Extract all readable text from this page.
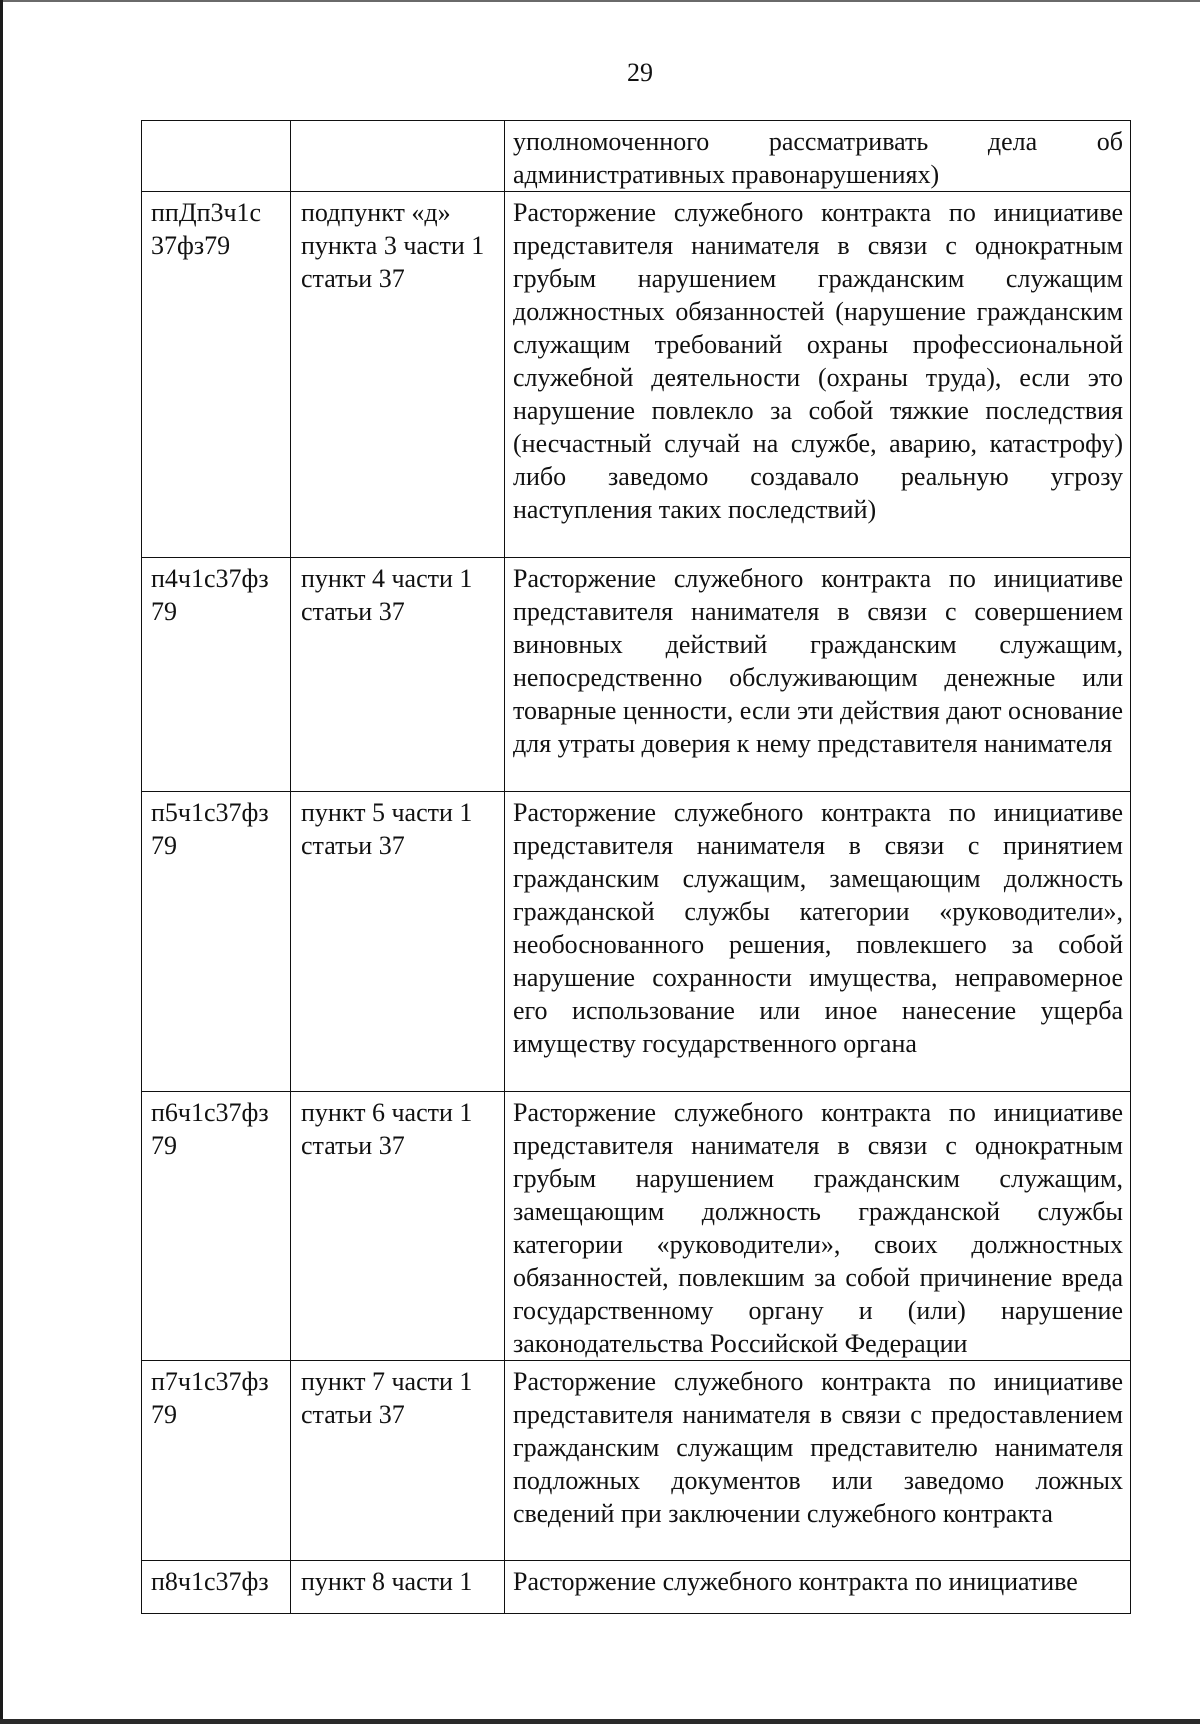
29
		уполномоченного рассматривать дела об административных правонарушениях)
ппДп3ч1с 37фз79	подпункт «д» пункта 3 части 1 статьи 37	Расторжение служебного контракта по инициативе представителя нанимателя в связи с однократным грубым нарушением гражданским служащим должностных обязанностей (нарушение гражданским служащим требований охраны профессиональной служебной деятельности (охраны труда), если это нарушение повлекло за собой тяжкие последствия (несчастный случай на службе, аварию, катастрофу) либо заведомо создавало реальную угрозу наступления таких последствий)
п4ч1с37фз 79	пункт 4 части 1 статьи 37	Расторжение служебного контракта по инициативе представителя нанимателя в связи с совершением виновных действий гражданским служащим, непосредственно обслуживающим денежные или товарные ценности, если эти действия дают основание для утраты доверия к нему представителя нанимателя
п5ч1с37фз 79	пункт 5 части 1 статьи 37	Расторжение служебного контракта по инициативе представителя нанимателя в связи с принятием гражданским служащим, замещающим должность гражданской службы категории «руководители», необоснованного решения, повлекшего за собой нарушение сохранности имущества, неправомерное его использование или иное нанесение ущерба имуществу государственного органа
п6ч1с37фз 79	пункт 6 части 1 статьи 37	Расторжение служебного контракта по инициативе представителя нанимателя в связи с однократным грубым нарушением гражданским служащим, замещающим должность гражданской службы категории «руководители», своих должностных обязанностей, повлекшим за собой причинение вреда государственному органу и (или) нарушение законодательства Российской Федерации
п7ч1с37фз 79	пункт 7 части 1 статьи 37	Расторжение служебного контракта по инициативе представителя нанимателя в связи с предоставлением гражданским служащим представителю нанимателя подложных документов или заведомо ложных сведений при заключении служебного контракта
п8ч1с37фз	пункт 8 части 1	Расторжение служебного контракта по инициативе
